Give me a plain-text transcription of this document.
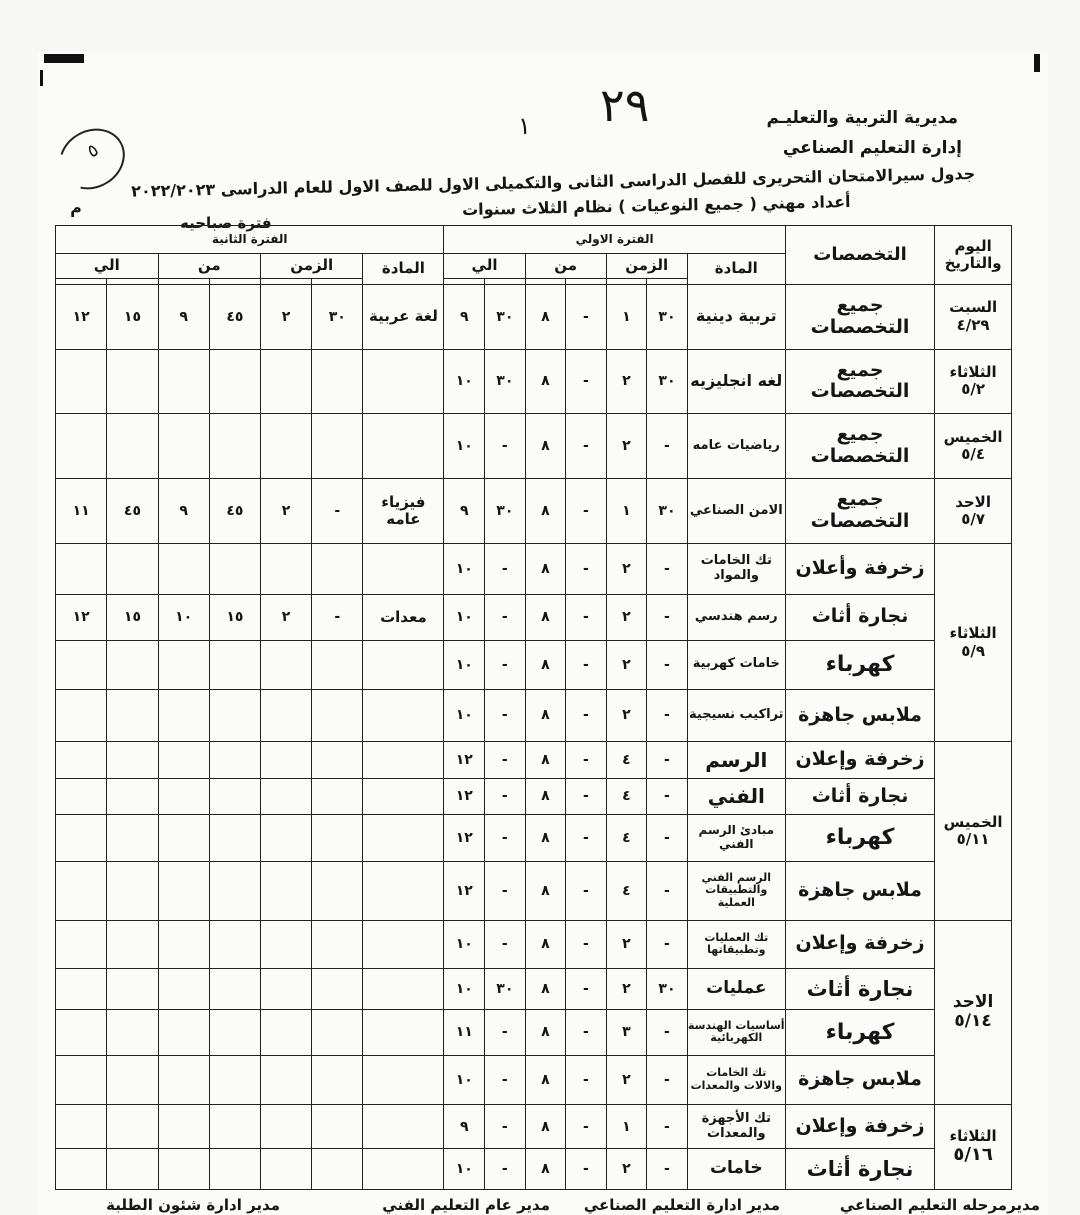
٢٩
١
٥
مديرية التربية والتعليـم
إدارة التعليم الصناعي
جدول سيرالامتحان التحريرى للفصل الدراسى الثانى والتكميلى الاول للصف الاول للعام الدراسى ٢٠٢٢/٢٠٢٣
أعداد مهني ( جميع النوعيات ) نظام الثلاث سنوات
م
فترة صباحيه
اليوم والتاريخ	التخصصات	الفترة الاولي							الفترة الثانية						
		المادة	الزمن		من		الي		المادة	الزمن		من		الي	

السبت
٤/٢٩	جميع التخصصات	تربية دينية	٣٠	١	-	٨	٣٠	٩	لغة عربية	٣٠	٢	٤٥	٩	١٥	١٢

الثلاثاء
٥/٢	جميع التخصصات	لغه انجليزيه	٣٠	٢	-	٨	٣٠	١٠							

الخميس
٥/٤	جميع التخصصات	رياضيات عامه	-	٢	-	٨	-	١٠							

الاحد
٥/٧	جميع التخصصات	الامن الصناعي	٣٠	١	-	٨	٣٠	٩	فيزياء عامه	-	٢	٤٥	٩	٤٥	١١

الثلاثاء
٥/٩	زخرفة وأعلان	تك الخامات والمواد	-	٢	-	٨	-	١٠							
	نجارة أثاث	رسم هندسي	-	٢	-	٨	-	١٠	معدات	-	٢	١٥	١٠	١٥	١٢
	كهرباء	خامات كهربية	-	٢	-	٨	-	١٠							
	ملابس جاهزة	تراكيب نسيجية	-	٢	-	٨	-	١٠							

الخميس
٥/١١	زخرفة وإعلان	الرسم	-	٤	-	٨	-	١٢							
	نجارة أثاث	الفني	-	٤	-	٨	-	١٢							
	كهرباء	مبادئ الرسم الفني	-	٤	-	٨	-	١٢							
	ملابس جاهزة	الرسم الفني والتطبيقات العملية	-	٤	-	٨	-	١٢							

الاحد
٥/١٤	زخرفة وإعلان	تك العمليات وتطبيقاتها	-	٢	-	٨	-	١٠							
	نجارة أثاث	عمليات	٣٠	٢	-	٨	٣٠	١٠							
	كهرباء	أساسيات الهندسة الكهربائية	-	٣	-	٨	-	١١							
	ملابس جاهزة	تك الخامات والالات والمعدات	-	٢	-	٨	-	١٠							

الثلاثاء
٥/١٦	زخرفة وإعلان	تك الأجهزة والمعدات	-	١	-	٨	-	٩							
	نجارة أثاث	خامات	-	٢	-	٨	-	١٠							
مديرمرحله التعليم الصناعي
مدير ادارة التعليم الصناعي
مدير عام التعليم الفني
مدير ادارة شئون الطلبة
